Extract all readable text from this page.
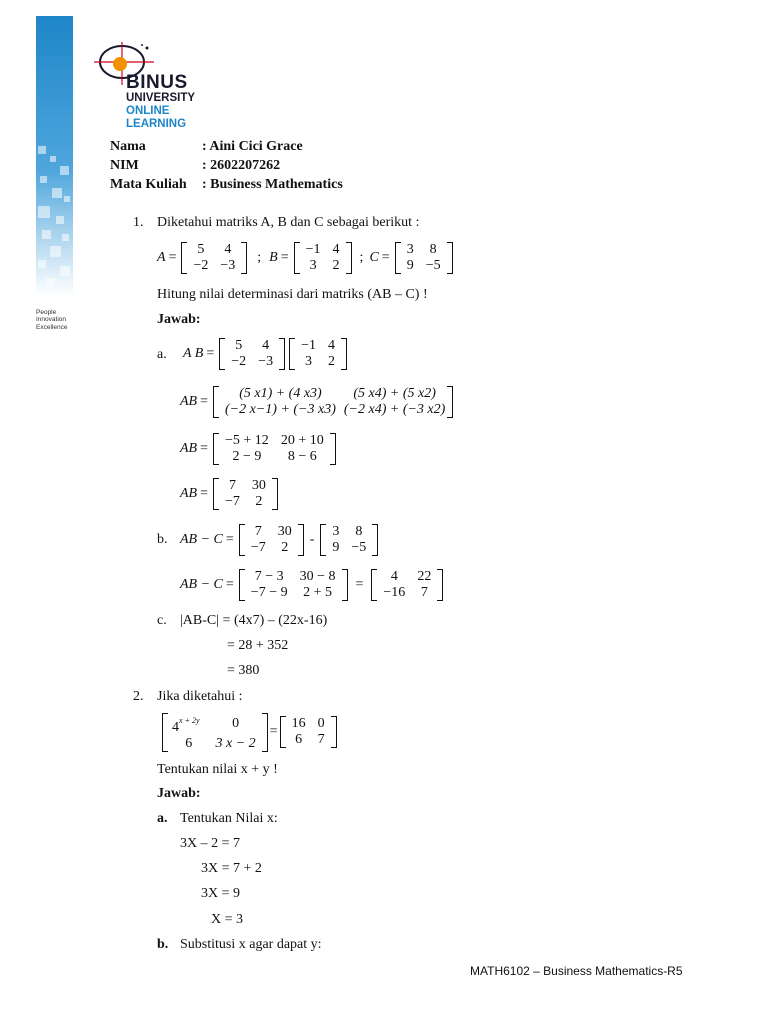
People
Innovation
Excellence
BINUS
UNIVERSITY
ONLINE
LEARNING
Nama	: Aini Cici Grace
NIM	: 2602207262
Mata Kuliah : Business Mathematics
1. Diketahui matriks A, B dan C sebagai berikut :
A =
5	4
−2	−3
; B =
−1	4
3	2
; C =
3	8
9	−5
Hitung nilai determinasi dari matriks (AB – C) !
Jawab:
a. A B =
5	4
−2	−3
−1	4
3	2
AB =
(5 x1) + (4 x3)	(5 x4) + (5 x2)
(−2 x−1) + (−3 x3)	(−2 x4) + (−3 x2)
AB =
−5 + 12	20 + 10
2 − 9	8 − 6
AB =
7	30
−7	2
b. AB − C =
7	30
−7	2
-
3	8
9	−5
AB − C =
7 − 3	30 − 8
−7 − 9	2 + 5
=
4	22
−16	7
c. |AB-C| = (4x7) – (22x-16)
= 28 + 352
= 380
2. Jika diketahui :
$4^{x + 2y}$	0
6	3 x − 2
=
16	0
6	7
Tentukan nilai x + y !
Jawab:
a. Tentukan Nilai x:
3X – 2 = 7
3X = 7 + 2
3X = 9
X = 3
b. Substitusi x agar dapat y:
MATH6102 – Business Mathematics-R5
